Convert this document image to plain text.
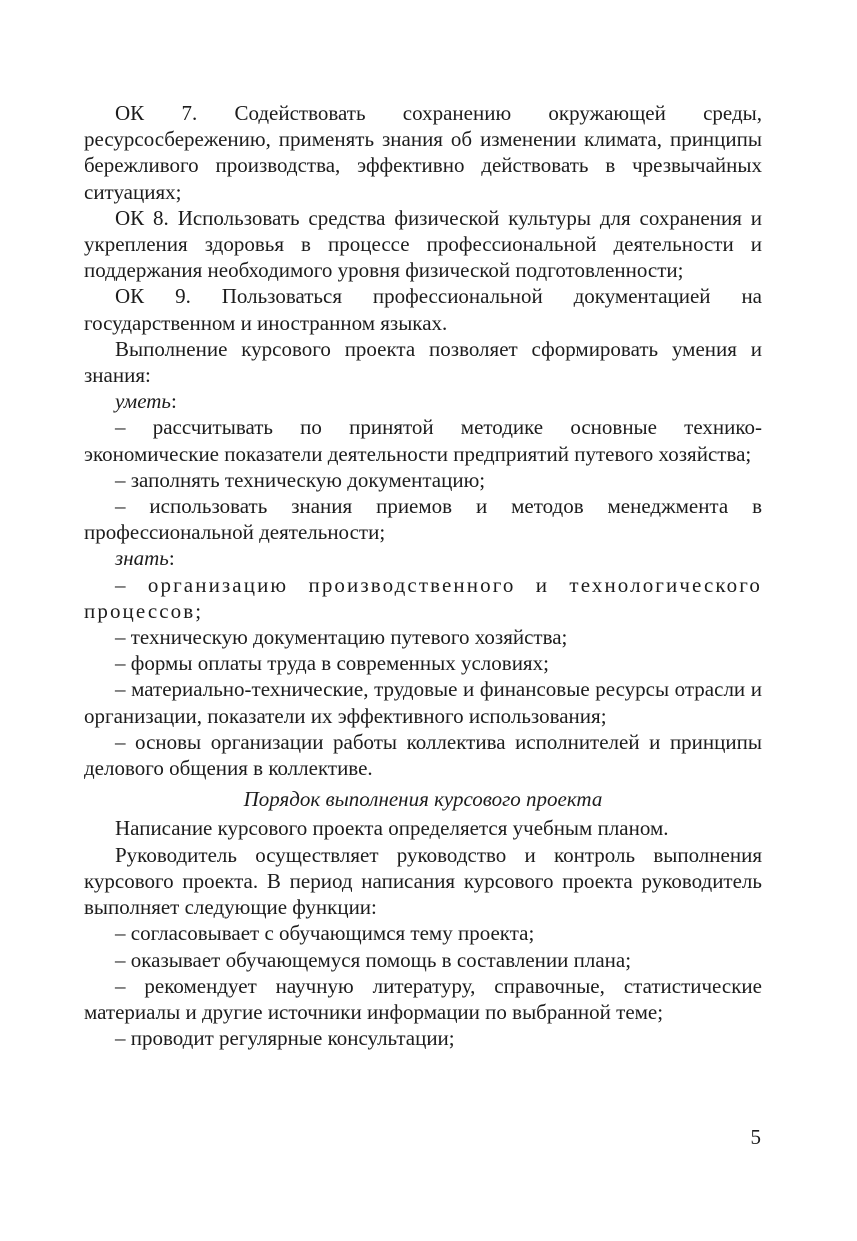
ОК 7. Содействовать сохранению окружающей среды, ресурсосбережению, применять знания об изменении климата, принципы бережливого производства, эффективно действовать в чрезвычайных ситуациях;

ОК 8. Использовать средства физической культуры для сохранения и укрепления здоровья в процессе профессиональной деятельности и поддержания необходимого уровня физической подготовленности;

ОК 9. Пользоваться профессиональной документацией на государственном и иностранном языках.

Выполнение курсового проекта позволяет сформировать умения и знания:

уметь:

– рассчитывать по принятой методике основные технико-экономические показатели деятельности предприятий путевого хозяйства;

– заполнять техническую документацию;

– использовать знания приемов и методов менеджмента в профессиональной деятельности;

знать:

– организацию производственного и технологического процессов;

– техническую документацию путевого хозяйства;

– формы оплаты труда в современных условиях;

– материально-технические, трудовые и финансовые ресурсы отрасли и организации, показатели их эффективного использования;

– основы организации работы коллектива исполнителей и принципы делового общения в коллективе.

Порядок выполнения курсового проекта

Написание курсового проекта определяется учебным планом.

Руководитель осуществляет руководство и контроль выполнения курсового проекта. В период написания курсового проекта руководитель выполняет следующие функции:

– согласовывает с обучающимся тему проекта;

– оказывает обучающемуся помощь в составлении плана;

– рекомендует научную литературу, справочные, статистические материалы и другие источники информации по выбранной теме;

– проводит регулярные консультации;

5
